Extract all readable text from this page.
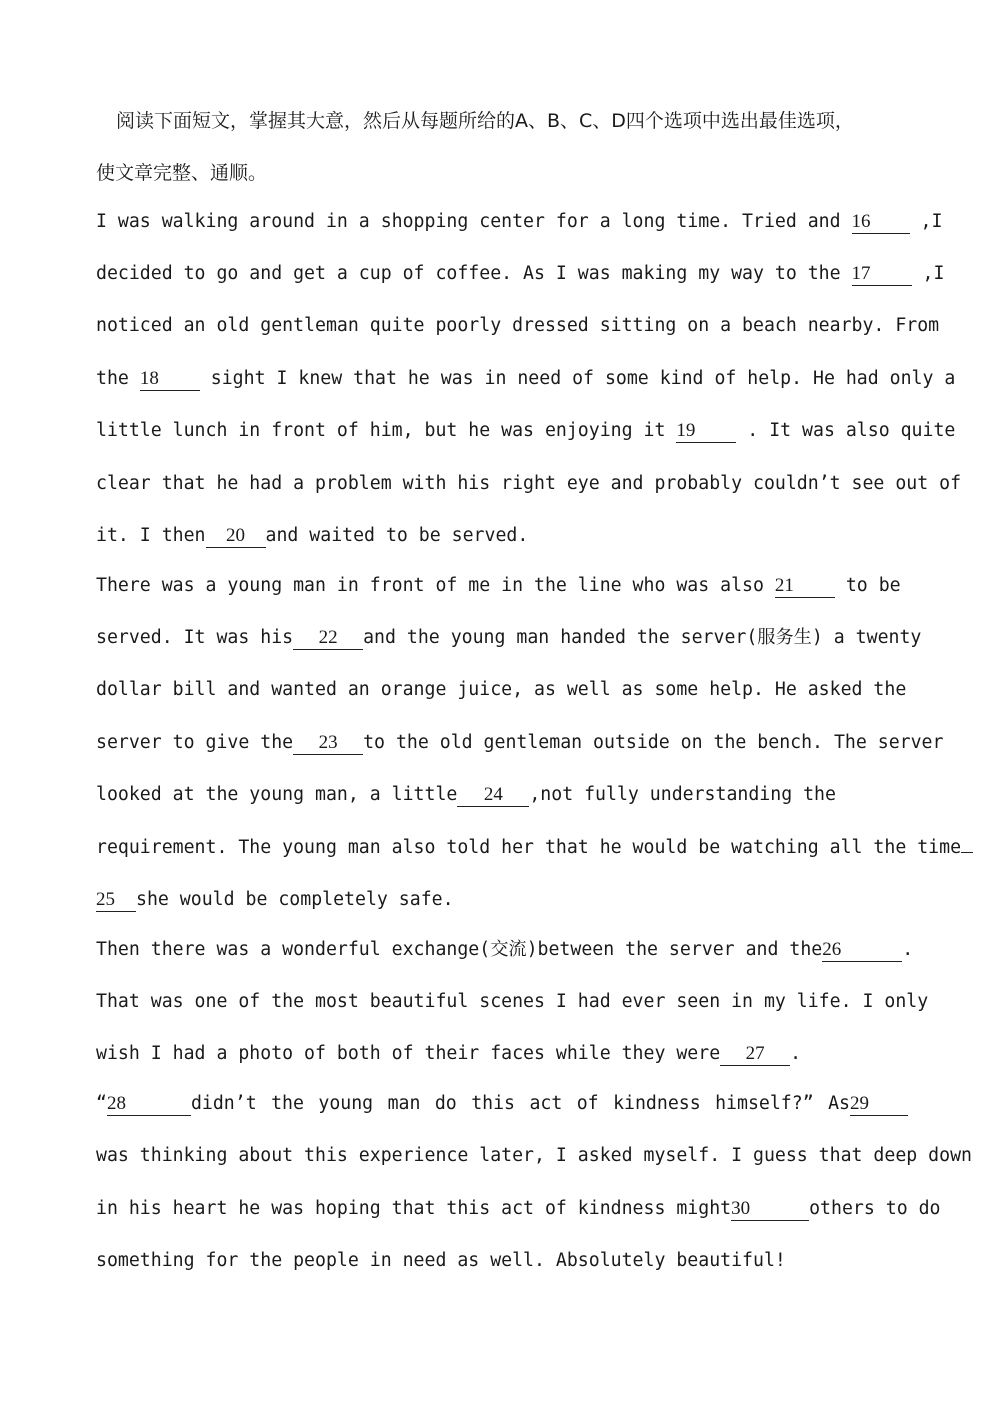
阅读下面短文，掌握其大意，然后从每题所给的A、B、C、D四个选项中选出最佳选项，
使文章完整、通顺。
I was walking around in a shopping center for a long time. Tried and 16	,I
decided to go and get a cup of coffee. As I was making my way to the 17	,I
noticed an old gentleman quite poorly dressed sitting on a beach nearby. From
the 18	sight I knew that he was in need of some kind of help. He had only a
little lunch in front of him, but he was enjoying it 19	. It was also quite
clear that he had a problem with his right eye and probably couldn’t see out of
it. I then 20 and waited to be served.
There was a young man in front of me in the line who was also 21	to be
served. It was his 22 and the young man handed the server(服务生) a twenty
dollar bill and wanted an orange juice, as well as some help. He asked the
server to give the 23 to the old gentleman outside on the bench. The server
looked at the young man, a little 24 ,not fully understanding the
requirement. The young man also told her that he would be watching all the time
25 she would be completely safe.
Then there was a wonderful exchange(交流)between the server and the26	.
That was one of the most beautiful scenes I had ever seen in my life. I only
wish I had a photo of both of their faces while they were 27 .
“28	didn’t the young man do this act of kindness himself?” As29
was thinking about this experience later, I asked myself. I guess that deep down
in his heart he was hoping that this act of kindness might30	others to do
something for the people in need as well. Absolutely beautiful!
